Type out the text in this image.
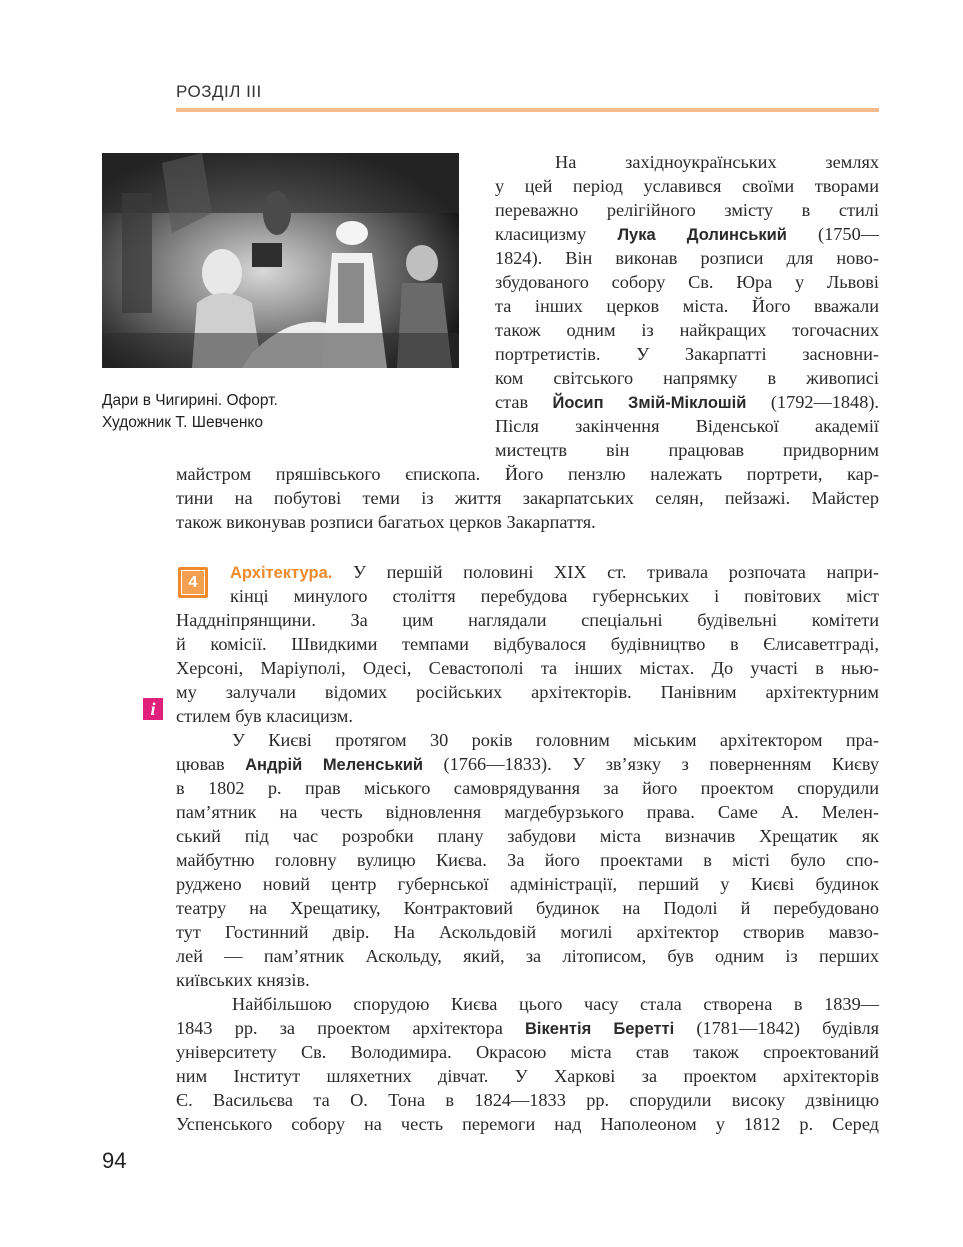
РОЗДІЛ III
Дари в Чигирині. Офорт.
Художник Т. Шевченко
На західноукраїнських землях
у цей період уславився своїми творами
переважно релігійного змісту в стилі
класицизму Лука Долинський (1750—
1824). Він виконав розписи для ново-
збудованого собору Св. Юра у Львові
та інших церков міста. Його вважали
також одним із найкращих тогочасних
портретистів. У Закарпатті засновни-
ком світського напрямку в живописі
став Йосип Змій-Міклошій (1792—1848).
Після закінчення Віденської академії
мистецтв він працював придворним
майстром пряшівського єпископа. Його пензлю належать портрети, кар-
тини на побутові теми із життя закарпатських селян, пейзажі. Майстер
також виконував розписи багатьох церков Закарпаття.
4
i
Архітектура. У першій половині XIX ст. тривала розпочата напри-
кінці минулого століття перебудова губернських і повітових міст
Наддніпрянщини. За цим наглядали спеціальні будівельні комітети
й комісії. Швидкими темпами відбувалося будівництво в Єлисаветграді,
Херсоні, Маріуполі, Одесі, Севастополі та інших містах. До участі в нью-
му залучали відомих російських архітекторів. Панівним архітектурним
стилем був класицизм.
У Києві протягом 30 років головним міським архітектором пра-
цював Андрій Меленський (1766—1833). У зв’язку з поверненням Києву
в 1802 р. прав міського самоврядування за його проектом спорудили
пам’ятник на честь відновлення магдебурзького права. Саме А. Мелен-
ський під час розробки плану забудови міста визначив Хрещатик як
майбутню головну вулицю Києва. За його проектами в місті було спо-
руджено новий центр губернської адміністрації, перший у Києві будинок
театру на Хрещатику, Контрактовий будинок на Подолі й перебудовано
тут Гостинний двір. На Аскольдовій могилі архітектор створив мавзо-
лей — пам’ятник Аскольду, який, за літописом, був одним із перших
київських князів.
Найбільшою спорудою Києва цього часу стала створена в 1839—
1843 рр. за проектом архітектора Вікентія Беретті (1781—1842) будівля
університету Св. Володимира. Окрасою міста став також спроектований
ним Інститут шляхетних дівчат. У Харкові за проектом архітекторів
Є. Васильєва та О. Тона в 1824—1833 рр. спорудили високу дзвіницю
Успенського собору на честь перемоги над Наполеоном у 1812 р. Серед
94
